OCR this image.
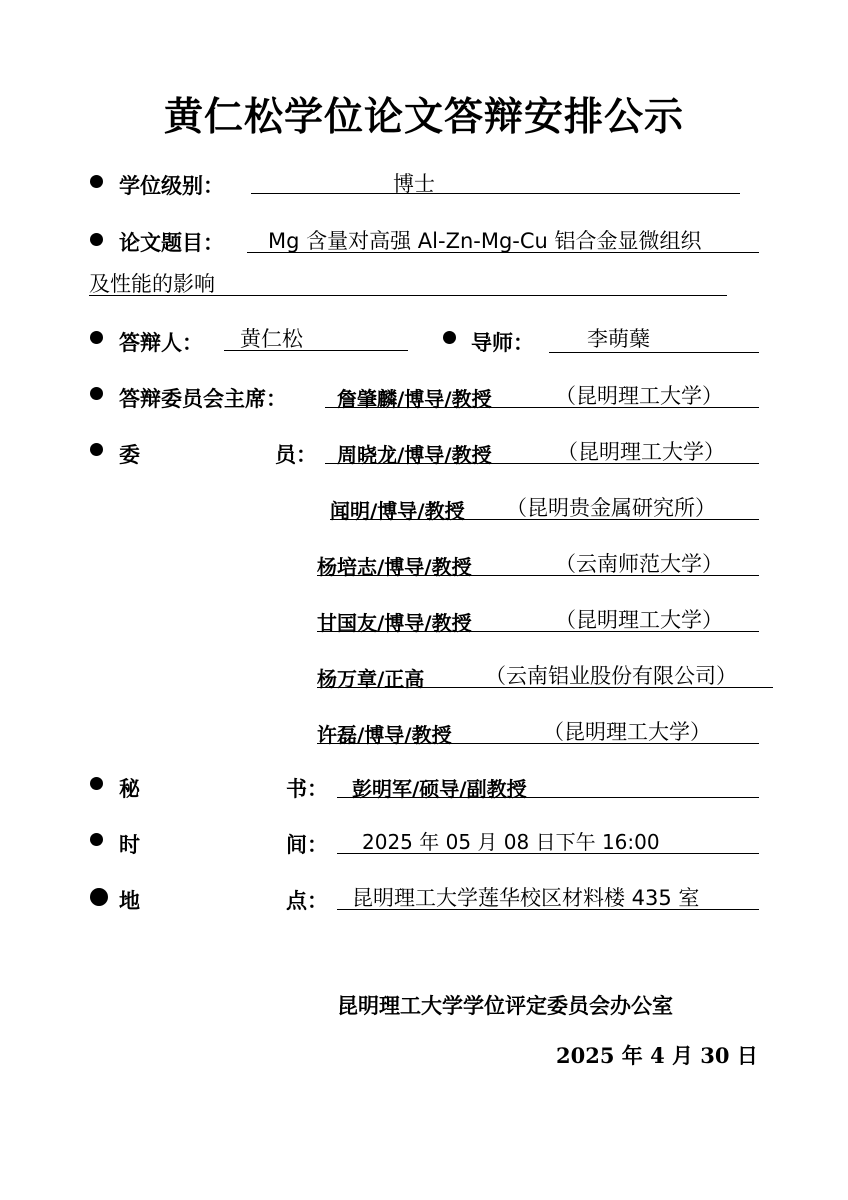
黄仁松学位论文答辩安排公示
学位级别：	博士
论文题目： Mg 含量对高强 Al-Zn-Mg-Cu 铝合金显微组织
及性能的影响
答辩人： 黄仁松	导师：	李萌蘖
答辩委员会主席：	詹肇麟/博导/教授	（昆明理工大学）
委	员： 周晓龙/博导/教授	（昆明理工大学）
闻明/博导/教授 （昆明贵金属研究所）
杨培志/博导/教授	（云南师范大学）
甘国友/博导/教授	（昆明理工大学）
杨万章/正高	（云南铝业股份有限公司）
许磊/博导/教授	（昆明理工大学）
秘	书： 彭明军/硕导/副教授
时	间： 2025 年 05 月 08 日下午 16:00
地	点： 昆明理工大学莲华校区材料楼 435 室
昆明理工大学学位评定委员会办公室
2025 年 4 月 30 日
